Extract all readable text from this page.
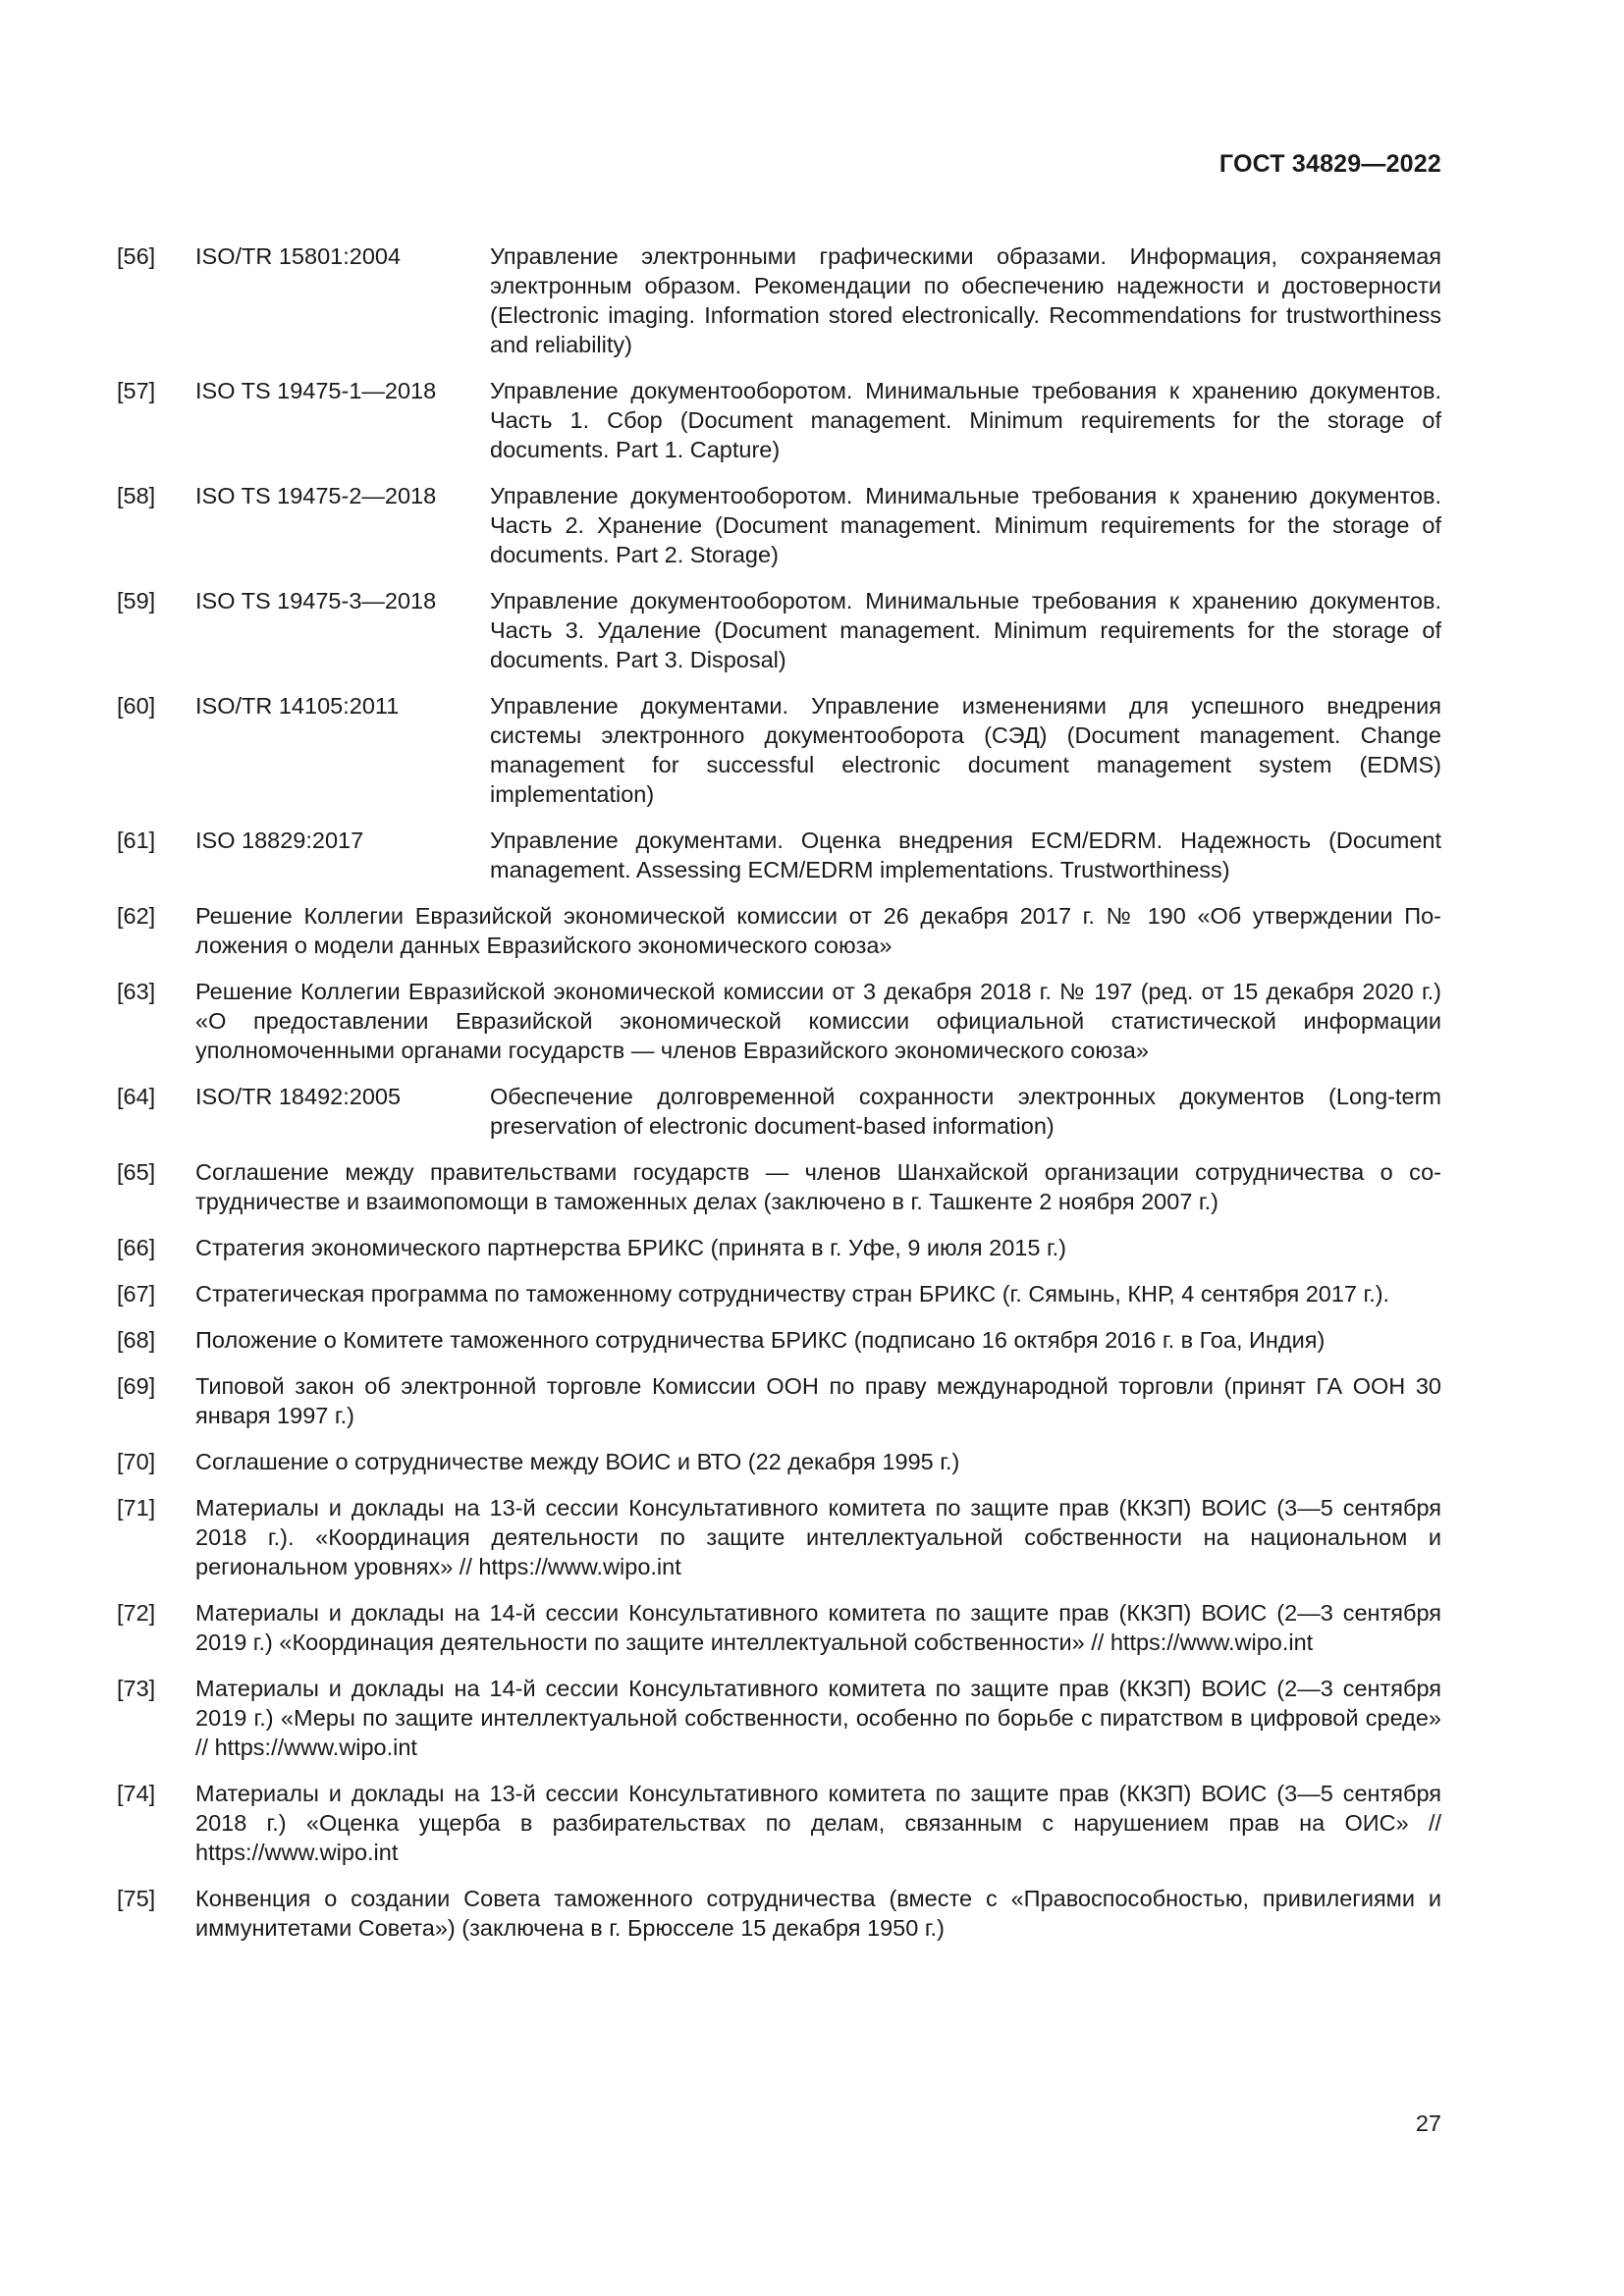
ГОСТ 34829—2022
[56]	ISO/TR 15801:2004	Управление электронными графическими образами. Информация, сохраняемая электронным образом. Рекомендации по обеспечению надежности и достоверности (Electronic imaging. Information stored electronically. Recommendations for trustworthiness and reliability)
[57]	ISO TS 19475-1—2018	Управление документооборотом. Минимальные требования к хранению документов. Часть 1. Сбор (Document management. Minimum requirements for the storage of documents. Part 1. Capture)
[58]	ISO TS 19475-2—2018	Управление документооборотом. Минимальные требования к хранению документов. Часть 2. Хранение (Document management. Minimum requirements for the storage of documents. Part 2. Storage)
[59]	ISO TS 19475-3—2018	Управление документооборотом. Минимальные требования к хранению документов. Часть 3. Удаление (Document management. Minimum requirements for the storage of documents. Part 3. Disposal)
[60]	ISO/TR 14105:2011	Управление документами. Управление изменениями для успешного внедрения системы электронного документооборота (СЭД) (Document management. Change management for successful electronic document management system (EDMS) implementation)
[61]	ISO 18829:2017	Управление документами. Оценка внедрения ECM/EDRM. Надежность (Document management. Assessing ECM/EDRM implementations. Trustworthiness)
[62]	Решение Коллегии Евразийской экономической комиссии от 26 декабря 2017 г. № 190 «Об утверждении Положения о модели данных Евразийского экономического союза»
[63]	Решение Коллегии Евразийской экономической комиссии от 3 декабря 2018 г. № 197 (ред. от 15 декабря 2020 г.) «О предоставлении Евразийской экономической комиссии официальной статистической информации уполномоченными органами государств — членов Евразийского экономического союза»
[64]	ISO/TR 18492:2005	Обеспечение долговременной сохранности электронных документов (Long-term preservation of electronic document-based information)
[65]	Соглашение между правительствами государств — членов Шанхайской организации сотрудничества о сотрудничестве и взаимопомощи в таможенных делах (заключено в г. Ташкенте 2 ноября 2007 г.)
[66]	Стратегия экономического партнерства БРИКС (принята в г. Уфе, 9 июля 2015 г.)
[67]	Стратегическая программа по таможенному сотрудничеству стран БРИКС (г. Сямынь, КНР, 4 сентября 2017 г.).
[68]	Положение о Комитете таможенного сотрудничества БРИКС (подписано 16 октября 2016 г. в Гоа, Индия)
[69]	Типовой закон об электронной торговле Комиссии ООН по праву международной торговли (принят ГА ООН 30 января 1997 г.)
[70]	Соглашение о сотрудничестве между ВОИС и ВТО (22 декабря 1995 г.)
[71]	Материалы и доклады на 13-й сессии Консультативного комитета по защите прав (ККЗП) ВОИС (3—5 сентября 2018 г.). «Координация деятельности по защите интеллектуальной собственности на национальном и региональном уровнях» // https://www.wipo.int
[72]	Материалы и доклады на 14-й сессии Консультативного комитета по защите прав (ККЗП) ВОИС (2—3 сентября 2019 г.) «Координация деятельности по защите интеллектуальной собственности» // https://www.wipo.int
[73]	Материалы и доклады на 14-й сессии Консультативного комитета по защите прав (ККЗП) ВОИС (2—3 сентября 2019 г.) «Меры по защите интеллектуальной собственности, особенно по борьбе с пиратством в цифровой среде» // https://www.wipo.int
[74]	Материалы и доклады на 13-й сессии Консультативного комитета по защите прав (ККЗП) ВОИС (3—5 сентября 2018 г.) «Оценка ущерба в разбирательствах по делам, связанным с нарушением прав на ОИС» // https://www.wipo.int
[75]	Конвенция о создании Совета таможенного сотрудничества (вместе с «Правоспособностью, привилегиями и иммунитетами Совета») (заключена в г. Брюсселе 15 декабря 1950 г.)
27
